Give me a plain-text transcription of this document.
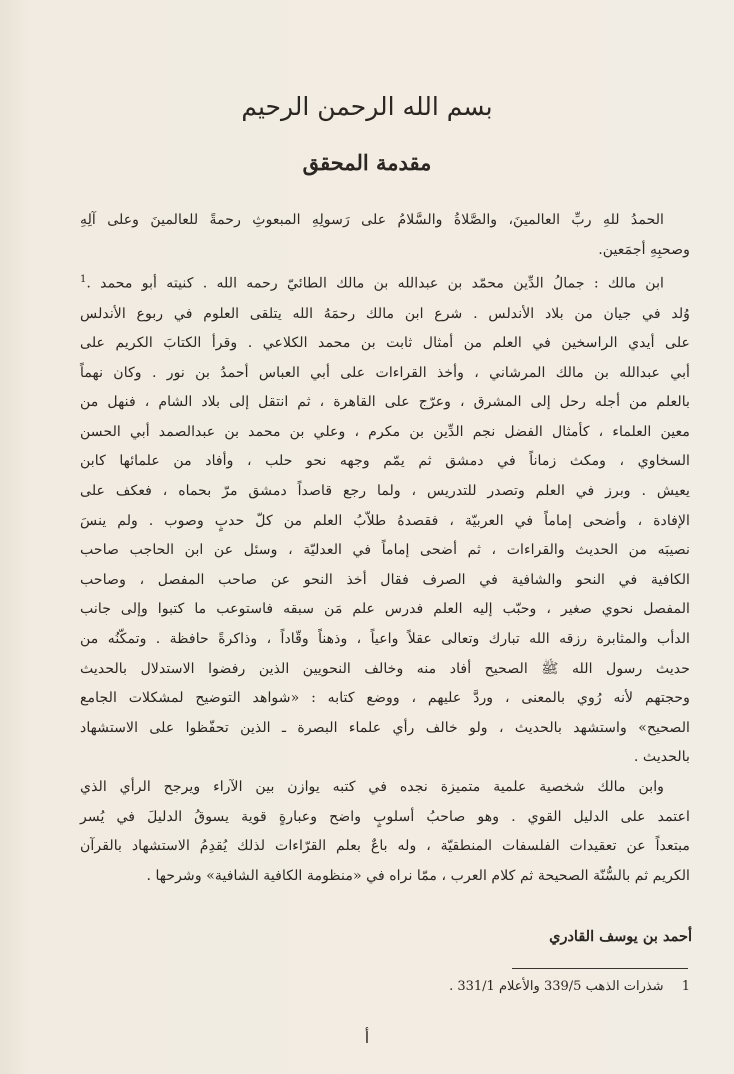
بسم الله الرحمن الرحيم
مقدمة المحقق

الحمدُ للهِ ربِّ العالمينَ، والصَّلاةُ والسَّلامُ على رَسولِهِ المبعوثِ رحمةً للعالمينَ وعلى آلِهِ
وصحبِهِ أجمَعين.

ابن مالك : جمالُ الدِّين محمّد بن عبدالله بن مالك الطائيّ رحمه الله . كنيته أبو محمد .$^1$
وُلد في جيان من بلاد الأندلس . شرع ابن مالك رحمَهُ الله يتلقى العلوم في ربوع الأندلس
على أيدي الراسخين في العلم من أمثال ثابت بن محمد الكلاعي . وقرأ الكتابَ الكريم على
أبي عبدالله بن مالك المرشاني ، وأخذ القراءات على أبي العباس أحمدُ بن نور . وكان نهماً
بالعلم من أجله رحل إلى المشرق ، وعرّج على القاهرة ، ثم انتقل إلى بلاد الشام ، فنهل من
معين العلماء ، كأمثال الفضل نجم الدِّين بن مكرم ، وعلي بن محمد بن عبدالصمد أبي الحسن
السخاوي ، ومكث زماناً في دمشق ثم يمّم وجهه نحو حلب ، وأفاد من علمائها كابن
يعيش . وبرز في العلم وتصدر للتدريس ، ولما رجع قاصداً دمشق مرّ بحماه ، فعكف على
الإفادة ، وأضحى إماماً في العربيّة ، فقصدهُ طلاّبُ العلم من كلّ حدبٍ وصوب . ولم ينسَ
نصيبَه من الحديث والقراءات ، ثم أضحى إماماً في العدليّة ، وسئل عن ابن الحاجب صاحب
الكافية في النحو والشافية في الصرف فقال أخذ النحو عن صاحب المفصل ، وصاحب
المفصل نحوي صغير ، وحبّب إليه العلم فدرس علم مَن سبقه فاستوعب ما كتبوا وإلى جانب
الدأب والمثابرة رزقه الله تبارك وتعالى عقلاً واعياً ، وذهناً وقّاداً ، وذاكرةً حافظة . وتمكّنُه من
حديث رسول الله ﷺ الصحيح أفاد منه وخالف النحويين الذين رفضوا الاستدلال بالحديث
وحجتهم لأنه رُوي بالمعنى ، وردَّ عليهم ، ووضع كتابه : «شواهد التوضيح لمشكلات الجامع
الصحيح» واستشهد بالحديث ، ولو خالف رأي علماء البصرة ـ الذين تحفّظوا على الاستشهاد
بالحديث .

وابن مالك شخصية علمية متميزة نجده في كتبه يوازن بين الآراء ويرجح الرأي الذي
اعتمد على الدليل القوي . وهو صاحبُ أسلوبٍ واضح وعبارةٍ قوية يسوقُ الدليلَ في يُسر
مبتعداً عن تعقيدات الفلسفات المنطقيّة ، وله باعٌ بعلم القرّاءات لذلك يُقدِمُ الاستشهاد بالقرآن
الكريم ثم بالسُّنّة الصحيحة ثم كلام العرب ، ممّا نراه في «منظومة الكافية الشافية» وشرحها .

أحمد بن يوسف القادري
1 شذرات الذهب 339/5 والأعلام 331/1 .
أ
